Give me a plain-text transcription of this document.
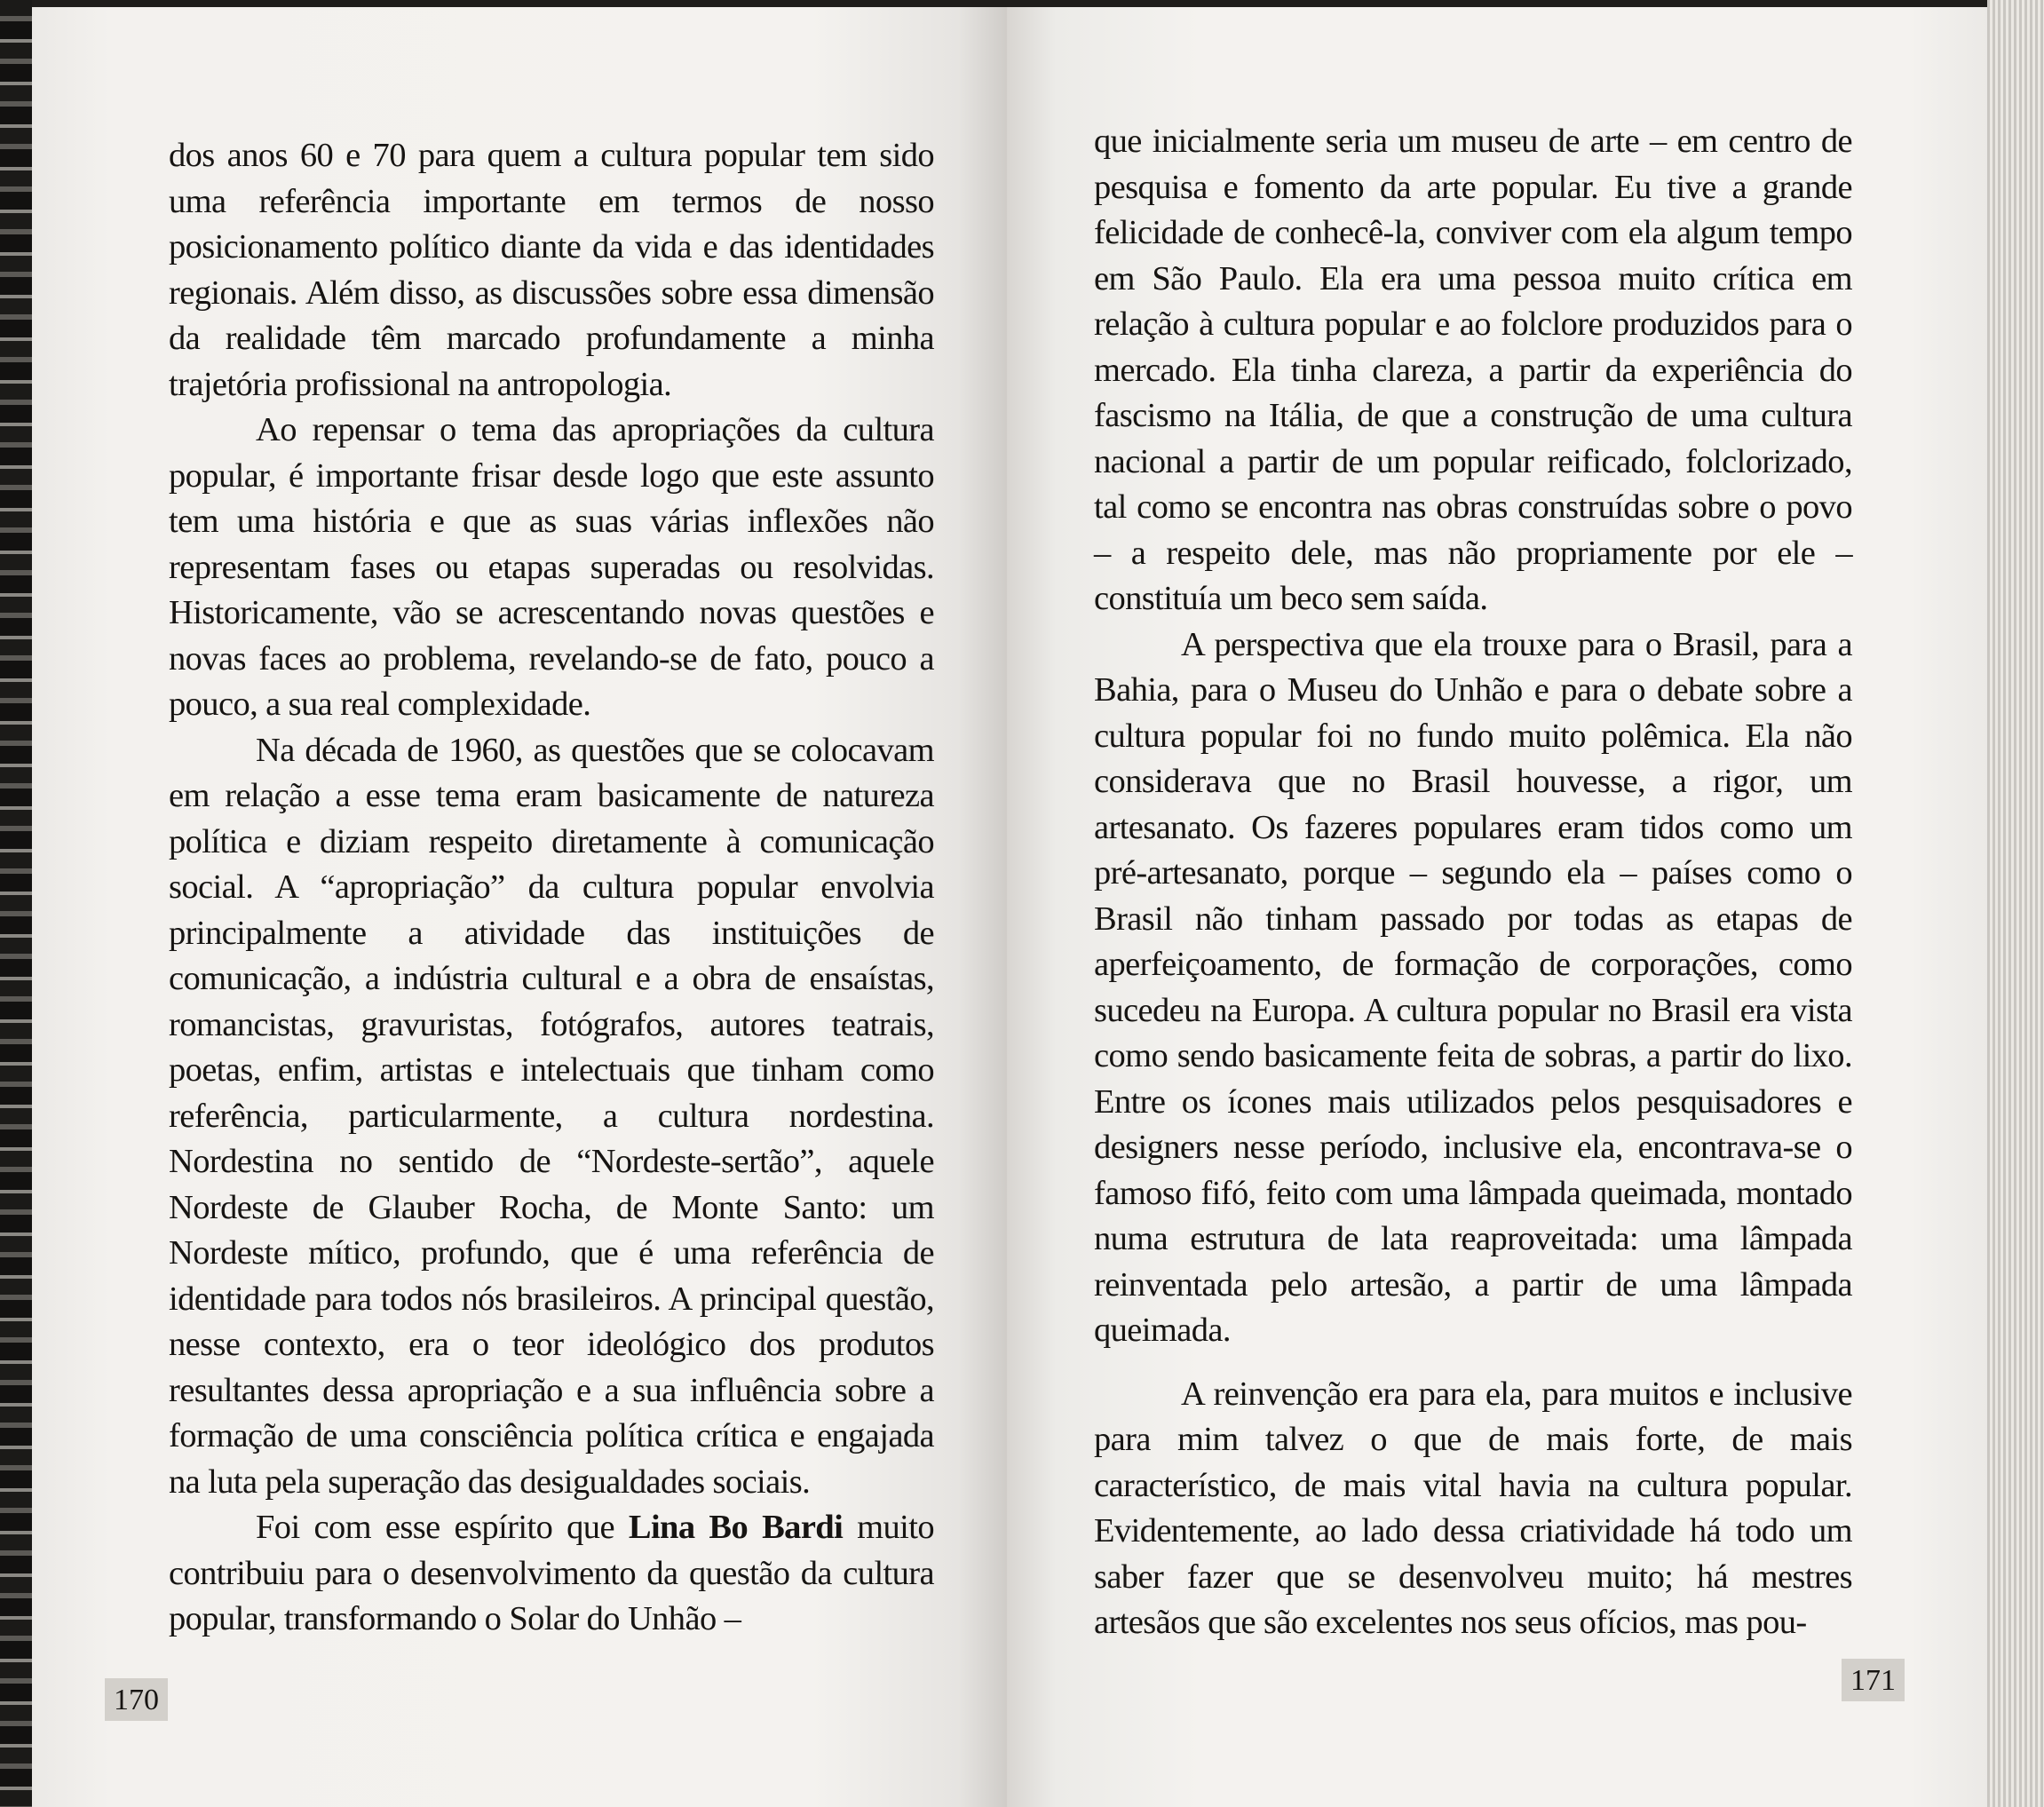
dos anos 60 e 70 para quem a cultura popular tem sido uma referência importante em termos de nosso posicionamento político diante da vida e das identidades regionais. Além disso, as discussões sobre essa dimensão da realidade têm marcado profundamente a minha trajetória profissional na antropologia.

Ao repensar o tema das apropriações da cultura popular, é importante frisar desde logo que este assunto tem uma história e que as suas várias inflexões não representam fases ou etapas superadas ou resolvidas. Historicamente, vão se acrescentando novas questões e novas faces ao problema, revelando-se de fato, pouco a pouco, a sua real complexidade.

Na década de 1960, as questões que se colocavam em relação a esse tema eram basicamente de natureza política e diziam respeito diretamente à comunicação social. A “apropriação” da cultura popular envolvia principalmente a atividade das instituições de comunicação, a indústria cultural e a obra de ensaístas, romancistas, gravuristas, fotógrafos, autores teatrais, poetas, enfim, artistas e intelectuais que tinham como referência, particularmente, a cultura nordestina. Nordestina no sentido de “Nordeste-sertão”, aquele Nordeste de Glauber Rocha, de Monte Santo: um Nordeste mítico, profundo, que é uma referência de identidade para todos nós brasileiros. A principal questão, nesse contexto, era o teor ideológico dos produtos resultantes dessa apropriação e a sua influência sobre a formação de uma consciência política crítica e engajada na luta pela superação das desigualdades sociais.

Foi com esse espírito que Lina Bo Bardi muito contribuiu para o desenvolvimento da questão da cultura popular, transformando o Solar do Unhão –

170

que inicialmente seria um museu de arte – em centro de pesquisa e fomento da arte popular. Eu tive a grande felicidade de conhecê-la, conviver com ela algum tempo em São Paulo. Ela era uma pessoa muito crítica em relação à cultura popular e ao folclore produzidos para o mercado. Ela tinha clareza, a partir da experiência do fascismo na Itália, de que a construção de uma cultura nacional a partir de um popular reificado, folclorizado, tal como se encontra nas obras construídas sobre o povo – a respeito dele, mas não propriamente por ele – constituía um beco sem saída.

A perspectiva que ela trouxe para o Brasil, para a Bahia, para o Museu do Unhão e para o debate sobre a cultura popular foi no fundo muito polêmica. Ela não considerava que no Brasil houvesse, a rigor, um artesanato. Os fazeres populares eram tidos como um pré-artesanato, porque – segundo ela – países como o Brasil não tinham passado por todas as etapas de aperfeiçoamento, de formação de corporações, como sucedeu na Europa. A cultura popular no Brasil era vista como sendo basicamente feita de sobras, a partir do lixo. Entre os ícones mais utilizados pelos pesquisadores e designers nesse período, inclusive ela, encontrava-se o famoso fifó, feito com uma lâmpada queimada, montado numa estrutura de lata reaproveitada: uma lâmpada reinventada pelo artesão, a partir de uma lâmpada queimada.

A reinvenção era para ela, para muitos e inclusive para mim talvez o que de mais forte, de mais característico, de mais vital havia na cultura popular. Evidentemente, ao lado dessa criatividade há todo um saber fazer que se desenvolveu muito; há mestres artesãos que são excelentes nos seus ofícios, mas pou-

171
